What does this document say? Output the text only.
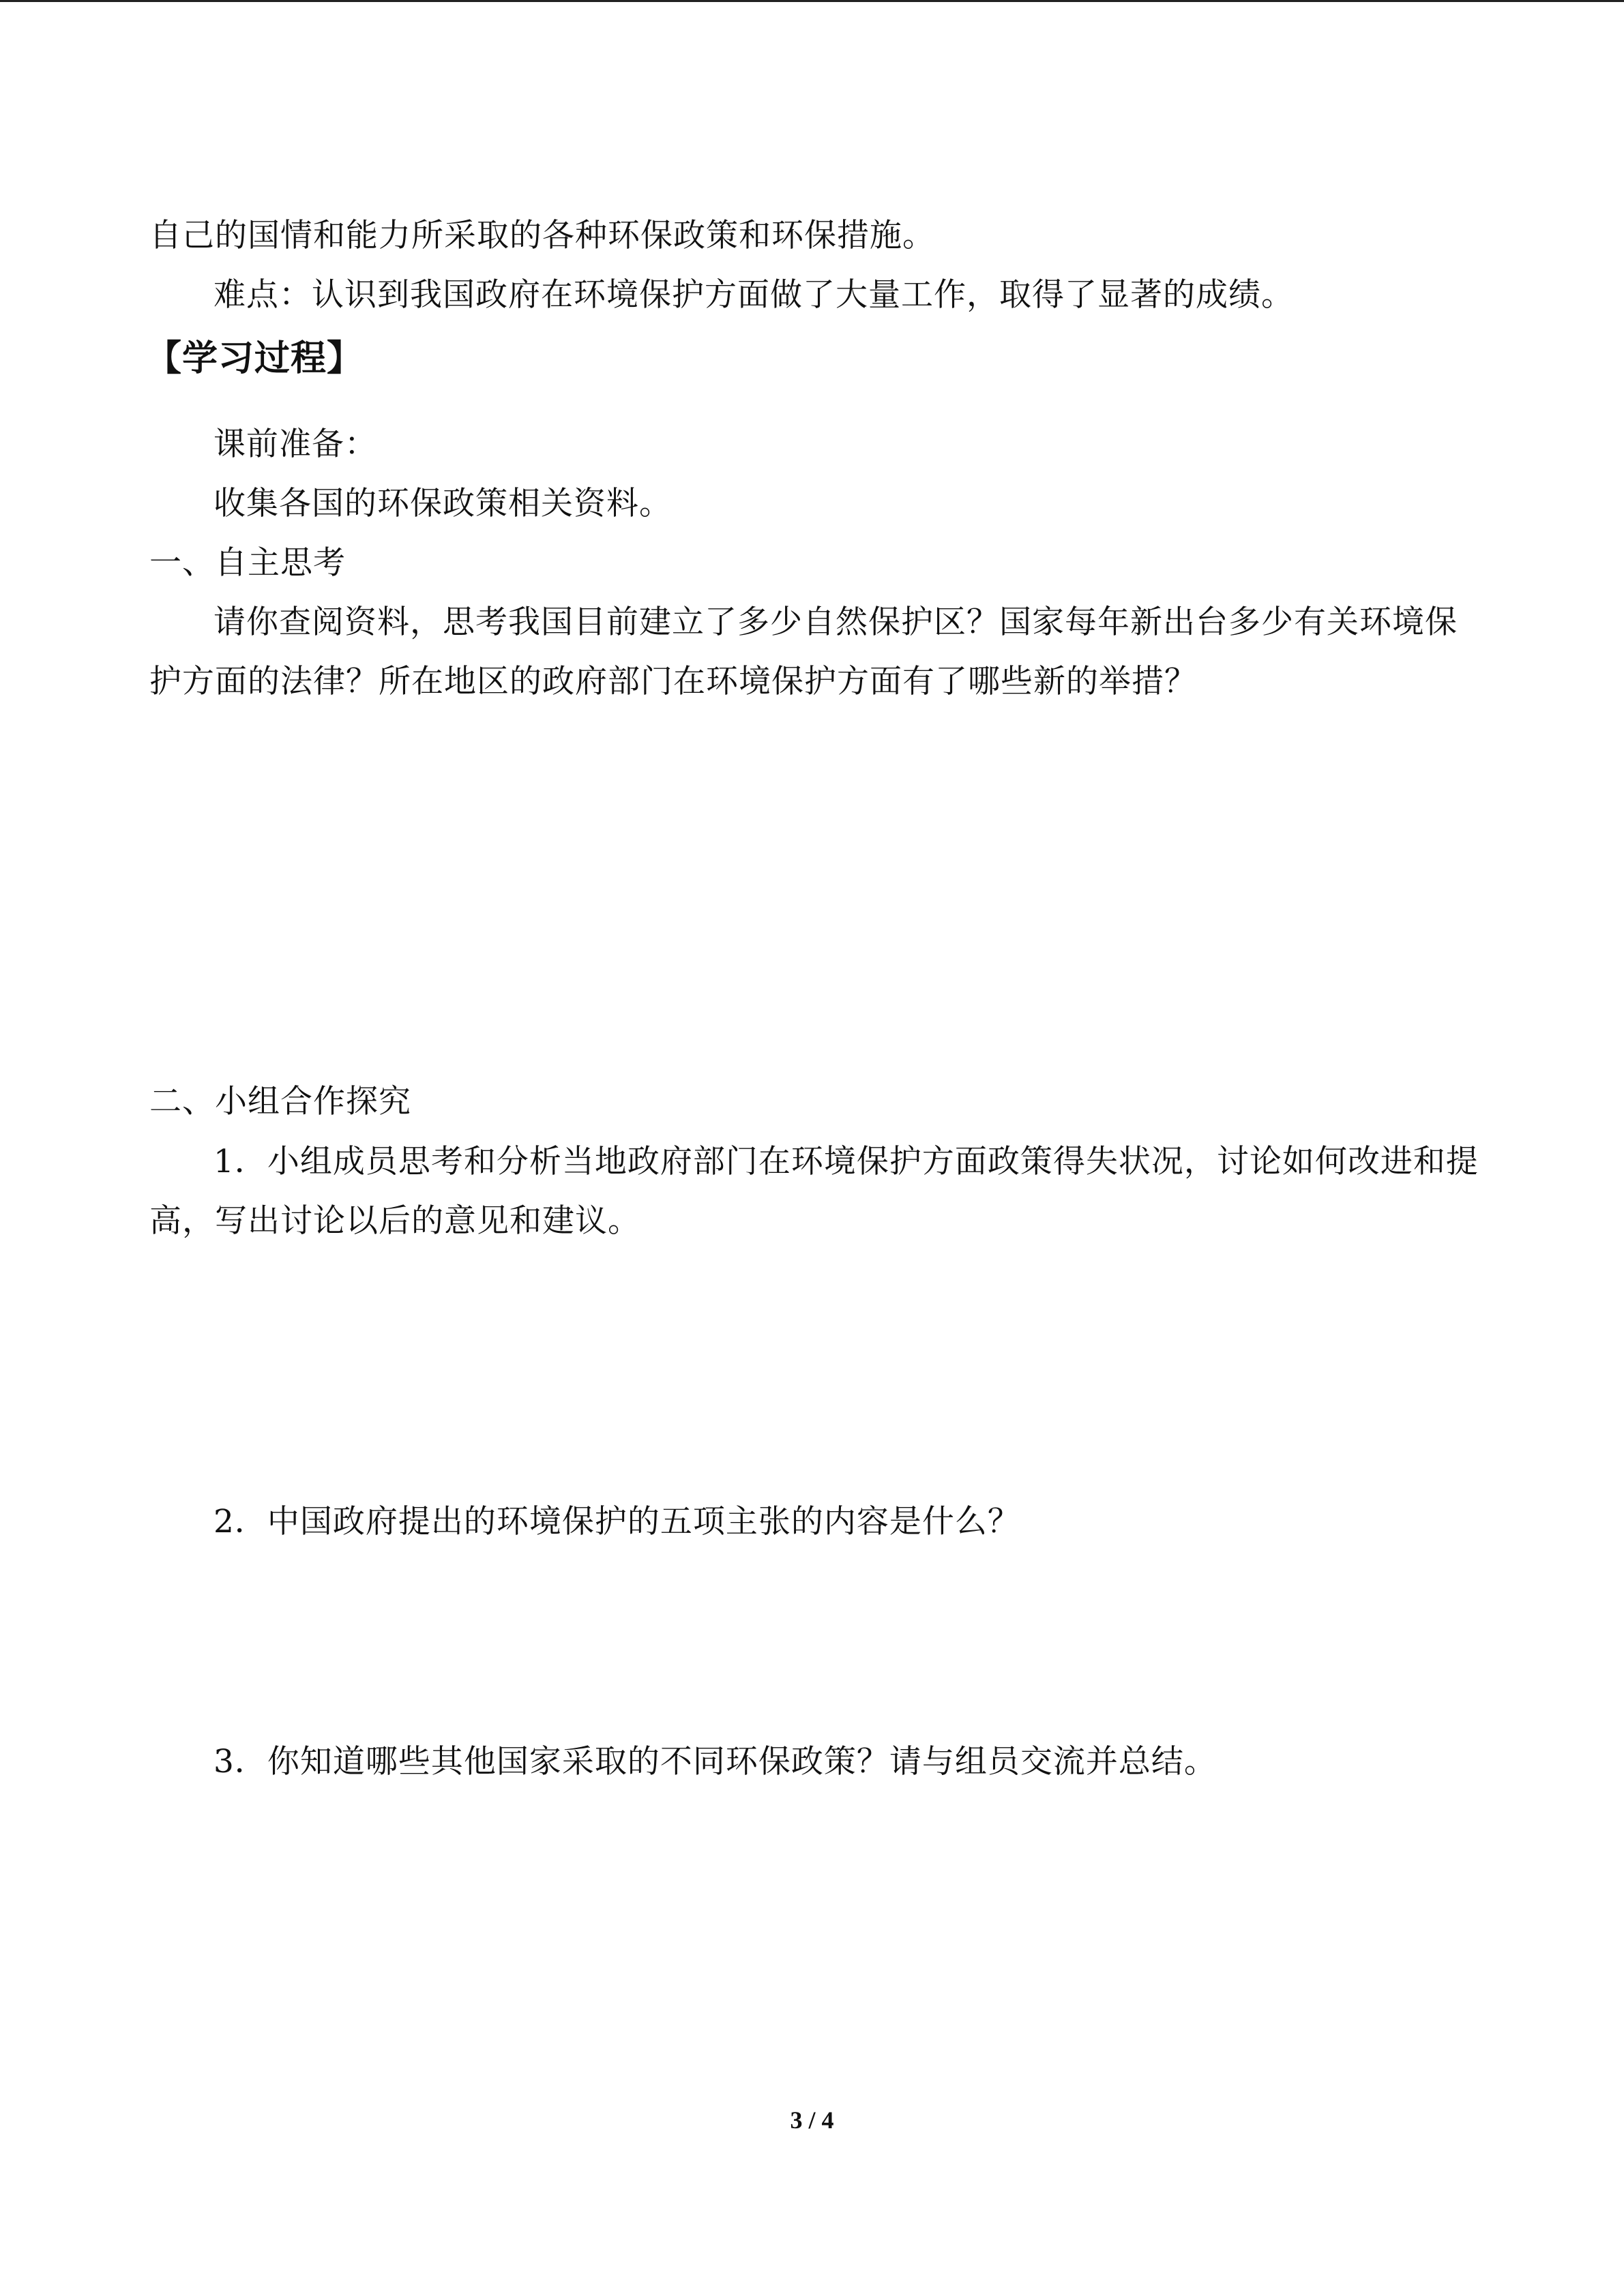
自己的国情和能力所采取的各种环保政策和环保措施。
难点：认识到我国政府在环境保护方面做了大量工作，取得了显著的成绩。
【学习过程】
课前准备：
收集各国的环保政策相关资料。
一、自主思考
请你查阅资料，思考我国目前建立了多少自然保护区？国家每年新出台多少有关环境保
护方面的法律？所在地区的政府部门在环境保护方面有了哪些新的举措？
二、小组合作探究
1．小组成员思考和分析当地政府部门在环境保护方面政策得失状况，讨论如何改进和提
高，写出讨论以后的意见和建议。
2．中国政府提出的环境保护的五项主张的内容是什么？
3．你知道哪些其他国家采取的不同环保政策？请与组员交流并总结。
3 / 4
